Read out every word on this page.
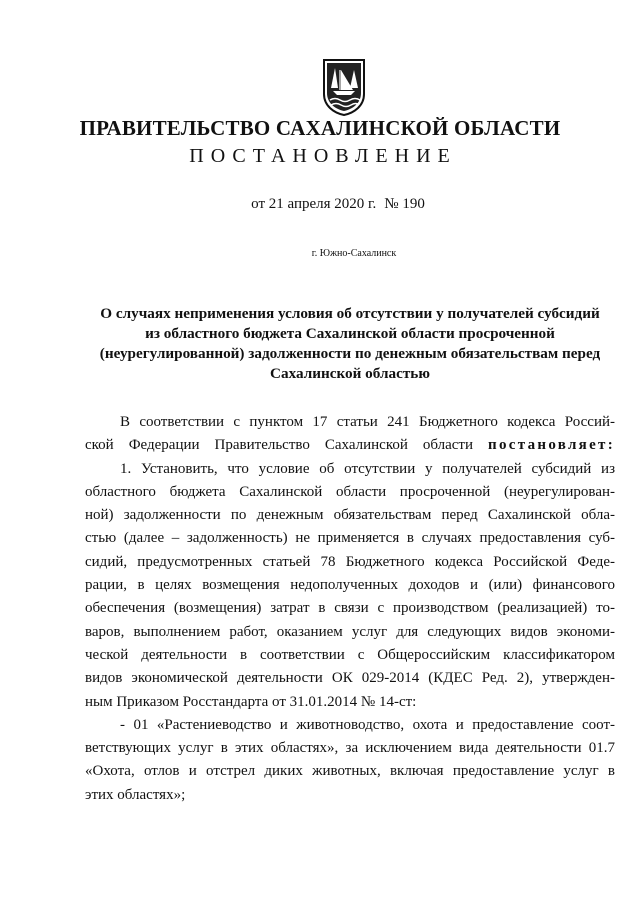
ПРАВИТЕЛЬСТВО САХАЛИНСКОЙ ОБЛАСТИ
ПОСТАНОВЛЕНИЕ
от 21 апреля 2020 г. № 190
г. Южно-Сахалинск
О случаях неприменения условия об отсутствии у получателей субсидий
из областного бюджета Сахалинской области просроченной
(неурегулированной) задолженности по денежным обязательствам перед
Сахалинской областью
В соответствии с пунктом 17 статьи 241 Бюджетного кодекса Россий-
ской Федерации Правительство Сахалинской области постановляет:
1. Установить, что условие об отсутствии у получателей субсидий из
областного бюджета Сахалинской области просроченной (неурегулирован-
ной) задолженности по денежным обязательствам перед Сахалинской обла-
стью (далее – задолженность) не применяется в случаях предоставления суб-
сидий, предусмотренных статьей 78 Бюджетного кодекса Российской Феде-
рации, в целях возмещения недополученных доходов и (или) финансового
обеспечения (возмещения) затрат в связи с производством (реализацией) то-
варов, выполнением работ, оказанием услуг для следующих видов экономи-
ческой деятельности в соответствии с Общероссийским классификатором
видов экономической деятельности ОК 029-2014 (КДЕС Ред. 2), утвержден-
ным Приказом Росстандарта от 31.01.2014 № 14-ст:
- 01 «Растениеводство и животноводство, охота и предоставление соот-
ветствующих услуг в этих областях», за исключением вида деятельности 01.7
«Охота, отлов и отстрел диких животных, включая предоставление услуг в
этих областях»;
